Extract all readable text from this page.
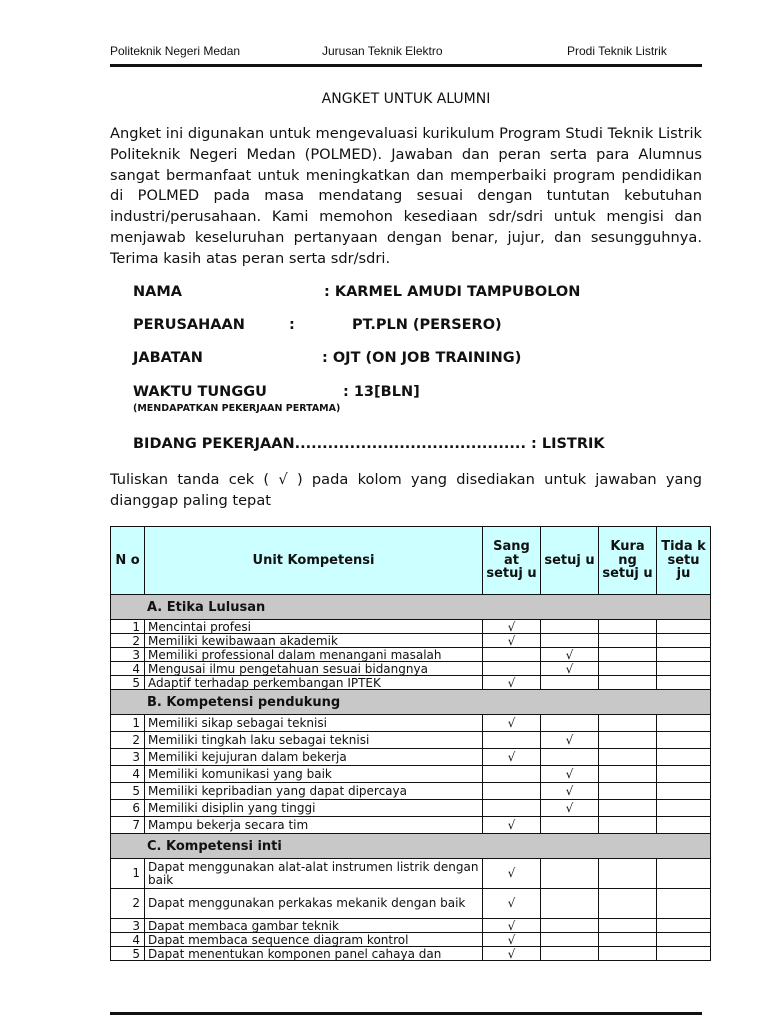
Politeknik Negeri Medan	Jurusan Teknik Elektro	Prodi Teknik Listrik
ANGKET UNTUK ALUMNI

Angket ini digunakan untuk mengevaluasi kurikulum Program Studi Teknik Listrik Politeknik Negeri Medan (POLMED). Jawaban dan peran serta para Alumnus sangat bermanfaat untuk meningkatkan dan memperbaiki program pendidikan di POLMED pada masa mendatang sesuai dengan tuntutan kebutuhan industri/perusahaan. Kami memohon kesediaan sdr/sdri untuk mengisi dan menjawab keseluruhan pertanyaan dengan benar, jujur, dan sesungguhnya. Terima kasih atas peran serta sdr/sdri.

NAMA	: KARMEL AMUDI TAMPUBOLON
PERUSAHAAN	:	PT.PLN (PERSERO)
JABATAN	: OJT (ON JOB TRAINING)
WAKTU TUNGGU	: 13[BLN]
(MENDAPATKAN PEKERJAAN PERTAMA)
BIDANG PEKERJAAN.......................................... : LISTRIK

Tuliskan tanda cek ( √ ) pada kolom yang disediakan untuk jawaban yang dianggap paling tepat

N o	Unit Kompetensi	Sang at setuj u	setuj u	Kura ng setuj u	Tida k setu ju
A. Etika Lulusan					
1	Mencintai profesi	√			
2	Memiliki kewibawaan akademik	√			
3	Memiliki professional dalam menangani masalah		√		
4	Mengusai ilmu pengetahuan sesuai bidangnya		√		
5	Adaptif terhadap perkembangan IPTEK	√			
B. Kompetensi pendukung					
1	Memiliki sikap sebagai teknisi	√			
2	Memiliki tingkah laku sebagai teknisi		√		
3	Memiliki kejujuran dalam bekerja	√			
4	Memiliki komunikasi yang baik		√		
5	Memiliki kepribadian yang dapat dipercaya		√		
6	Memiliki disiplin yang tinggi		√		
7	Mampu bekerja secara tim	√			
C. Kompetensi inti					
1	Dapat menggunakan alat-alat instrumen listrik dengan baik	√			
2	Dapat menggunakan perkakas mekanik dengan baik	√			
3	Dapat membaca gambar teknik	√			
4	Dapat membaca sequence diagram kontrol	√			
5	Dapat menentukan komponen panel cahaya dan	√			
